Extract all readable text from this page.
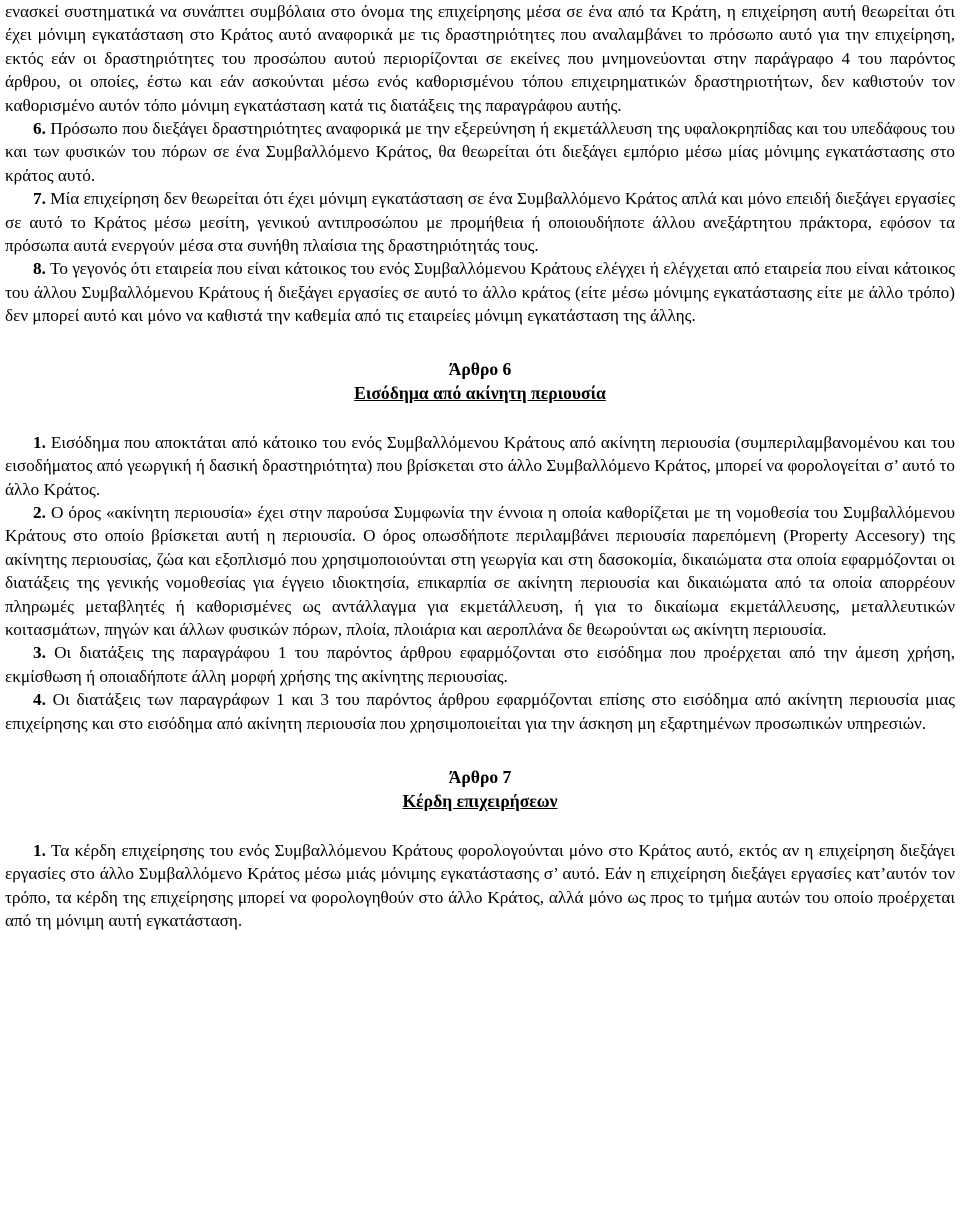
ενασκεί συστηματικά να συνάπτει συμβόλαια στο όνομα της επιχείρησης μέσα σε ένα από τα Κράτη, η επιχείρηση αυτή θεωρείται ότι έχει μόνιμη εγκατάσταση στο Κράτος αυτό αναφορικά με τις δραστηριότητες που αναλαμβάνει το πρόσωπο αυτό για την επιχείρηση, εκτός εάν οι δραστηριότητες του προσώπου αυτού περιορίζονται σε εκείνες που μνημονεύονται στην παράγραφο 4 του παρόντος άρθρου, οι οποίες, έστω και εάν ασκούνται μέσω ενός καθορισμένου τόπου επιχειρηματικών δραστηριοτήτων, δεν καθιστούν τον καθορισμένο αυτόν τόπο μόνιμη εγκατάσταση κατά τις διατάξεις της παραγράφου αυτής.

6. Πρόσωπο που διεξάγει δραστηριότητες αναφορικά με την εξερεύνηση ή εκμετάλλευση της υφαλοκρηπίδας και του υπεδάφους του και των φυσικών του πόρων σε ένα Συμβαλλόμενο Κράτος, θα θεωρείται ότι διεξάγει εμπόριο μέσω μίας μόνιμης εγκατάστασης στο κράτος αυτό.

7. Μία επιχείρηση δεν θεωρείται ότι έχει μόνιμη εγκατάσταση σε ένα Συμβαλλόμενο Κράτος απλά και μόνο επειδή διεξάγει εργασίες σε αυτό το Κράτος μέσω μεσίτη, γενικού αντιπροσώπου με προμήθεια ή οποιουδήποτε άλλου ανεξάρτητου πράκτορα, εφόσον τα πρόσωπα αυτά ενεργούν μέσα στα συνήθη πλαίσια της δραστηριότητάς τους.

8. Το γεγονός ότι εταιρεία που είναι κάτοικος του ενός Συμβαλλόμενου Κράτους ελέγχει ή ελέγχεται από εταιρεία που είναι κάτοικος του άλλου Συμβαλλόμενου Κράτους ή διεξάγει εργασίες σε αυτό το άλλο κράτος (είτε μέσω μόνιμης εγκατάστασης είτε με άλλο τρόπο) δεν μπορεί αυτό και μόνο να καθιστά την καθεμία από τις εταιρείες μόνιμη εγκατάσταση της άλλης.

Άρθρο 6
Εισόδημα από ακίνητη περιουσία

1. Εισόδημα που αποκτάται από κάτοικο του ενός Συμβαλλόμενου Κράτους από ακίνητη περιουσία (συμπεριλαμβανομένου και του εισοδήματος από γεωργική ή δασική δραστηριότητα) που βρίσκεται στο άλλο Συμβαλλόμενο Κράτος, μπορεί να φορολογείται σ’ αυτό το άλλο Κράτος.

2. Ο όρος «ακίνητη περιουσία» έχει στην παρούσα Συμφωνία την έννοια η οποία καθορίζεται με τη νομοθεσία του Συμβαλλόμενου Κράτους στο οποίο βρίσκεται αυτή η περιουσία. Ο όρος οπωσδήποτε περιλαμβάνει περιουσία παρεπόμενη (Property Accesory) της ακίνητης περιουσίας, ζώα και εξοπλισμό που χρησιμοποιούνται στη γεωργία και στη δασοκομία, δικαιώματα στα οποία εφαρμόζονται οι διατάξεις της γενικής νομοθεσίας για έγγειο ιδιοκτησία, επικαρπία σε ακίνητη περιουσία και δικαιώματα από τα οποία απορρέουν πληρωμές μεταβλητές ή καθορισμένες ως αντάλλαγμα για εκμετάλλευση, ή για το δικαίωμα εκμετάλλευσης, μεταλλευτικών κοιτασμάτων, πηγών και άλλων φυσικών πόρων, πλοία, πλοιάρια και αεροπλάνα δε θεωρούνται ως ακίνητη περιουσία.

3. Οι διατάξεις της παραγράφου 1 του παρόντος άρθρου εφαρμόζονται στο εισόδημα που προέρχεται από την άμεση χρήση, εκμίσθωση ή οποιαδήποτε άλλη μορφή χρήσης της ακίνητης περιουσίας.

4. Οι διατάξεις των παραγράφων 1 και 3 του παρόντος άρθρου εφαρμόζονται επίσης στο εισόδημα από ακίνητη περιουσία μιας επιχείρησης και στο εισόδημα από ακίνητη περιουσία που χρησιμοποιείται για την άσκηση μη εξαρτημένων προσωπικών υπηρεσιών.

Άρθρο 7
Κέρδη επιχειρήσεων

1. Τα κέρδη επιχείρησης του ενός Συμβαλλόμενου Κράτους φορολογούνται μόνο στο Κράτος αυτό, εκτός αν η επιχείρηση διεξάγει εργασίες στο άλλο Συμβαλλόμενο Κράτος μέσω μιάς μόνιμης εγκατάστασης σ’ αυτό. Εάν η επιχείρηση διεξάγει εργασίες κατ’αυτόν τον τρόπο, τα κέρδη της επιχείρησης μπορεί να φορολογηθούν στο άλλο Κράτος, αλλά μόνο ως προς το τμήμα αυτών του οποίο προέρχεται από τη μόνιμη αυτή εγκατάσταση.
